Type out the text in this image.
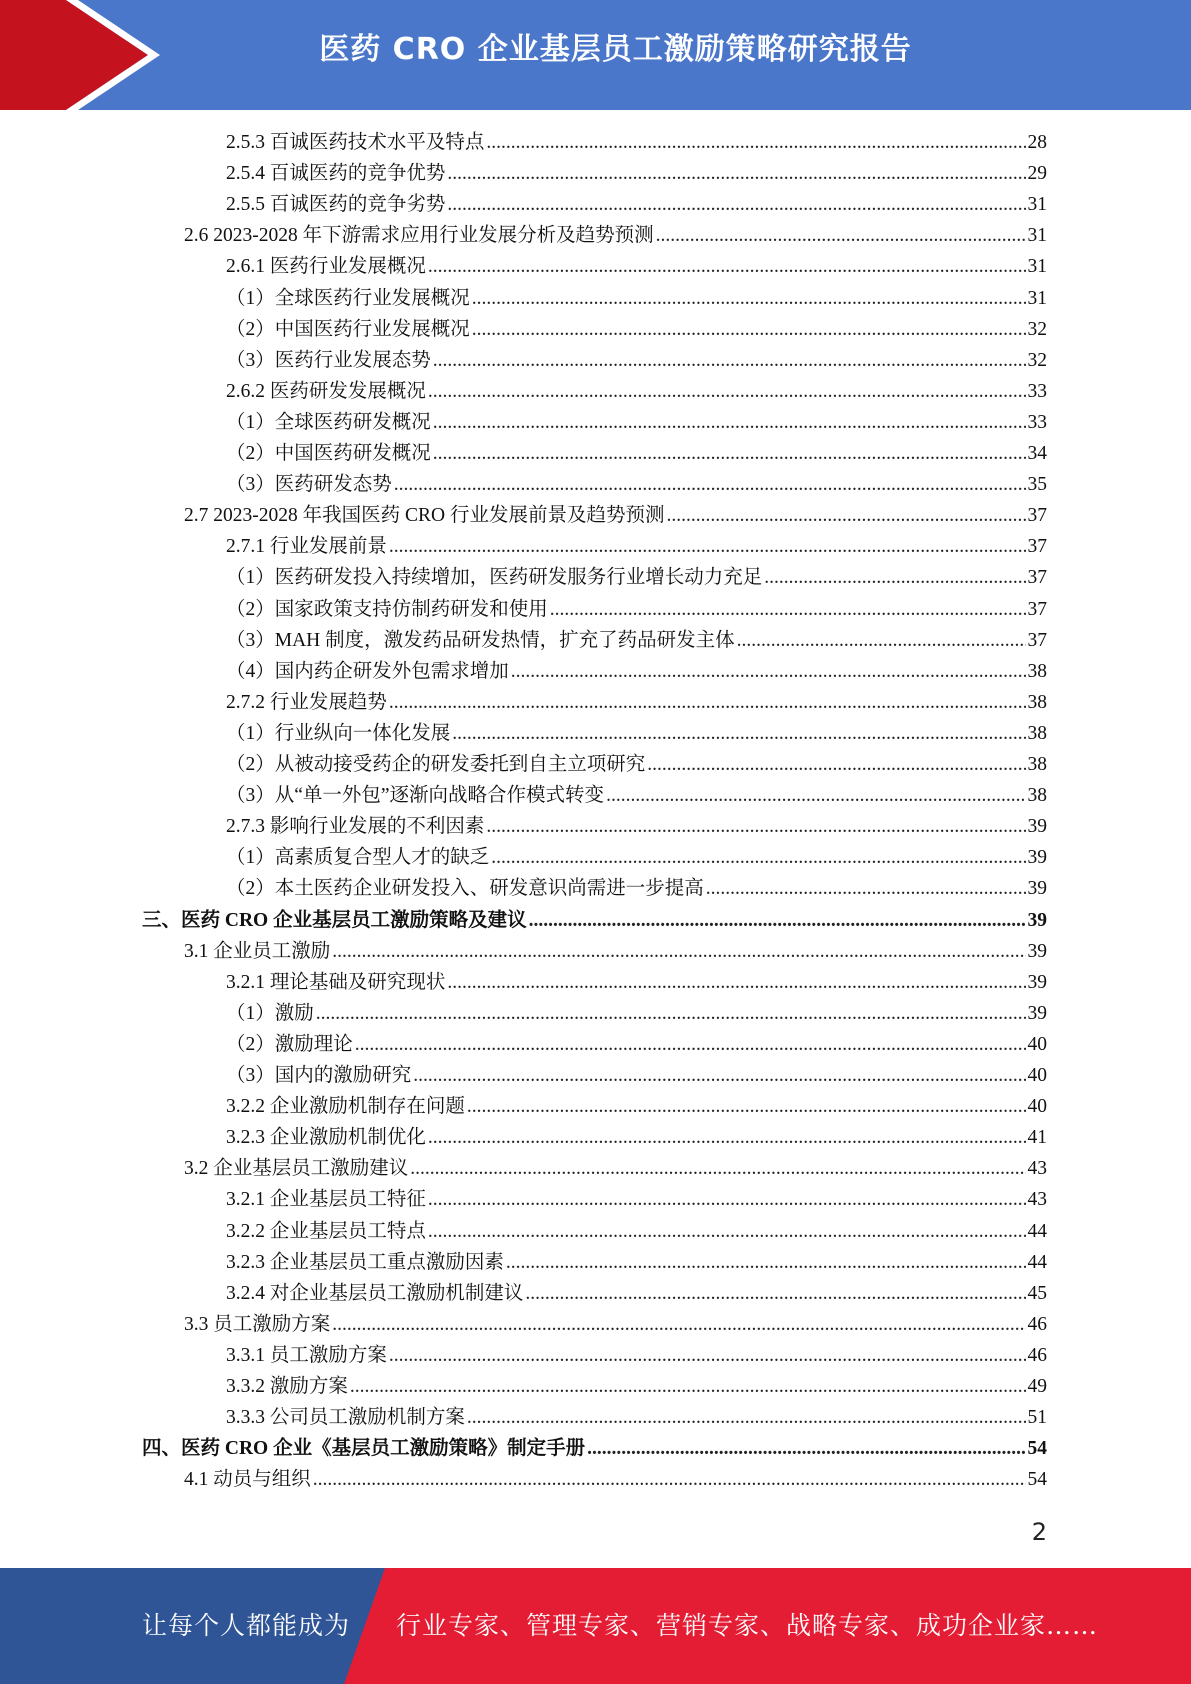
医药 CRO 企业基层员工激励策略研究报告
2.5.3 百诚医药技术水平及特点 .....	28
2.5.4 百诚医药的竞争优势 .....	29
2.5.5 百诚医药的竞争劣势 .....	31
2.6 2023-2028 年下游需求应用行业发展分析及趋势预测 .....	31
2.6.1 医药行业发展概况 .....	31
（1）全球医药行业发展概况 .....	31
（2）中国医药行业发展概况 .....	32
（3）医药行业发展态势 .....	32
2.6.2 医药研发发展概况 .....	33
（1）全球医药研发概况 .....	33
（2）中国医药研发概况 .....	34
（3）医药研发态势 .....	35
2.7 2023-2028 年我国医药 CRO 行业发展前景及趋势预测 .....	37
2.7.1 行业发展前景 .....	37
（1）医药研发投入持续增加，医药研发服务行业增长动力充足 .....	37
（2）国家政策支持仿制药研发和使用 .....	37
（3）MAH 制度，激发药品研发热情，扩充了药品研发主体 .....	37
（4）国内药企研发外包需求增加 .....	38
2.7.2 行业发展趋势 .....	38
（1）行业纵向一体化发展 .....	38
（2）从被动接受药企的研发委托到自主立项研究 .....	38
（3）从“单一外包”逐渐向战略合作模式转变 .....	38
2.7.3 影响行业发展的不利因素 .....	39
（1）高素质复合型人才的缺乏 .....	39
（2）本土医药企业研发投入、研发意识尚需进一步提高 .....	39
三、医药 CRO 企业基层员工激励策略及建议 .....	39
3.1 企业员工激励 .....	39
3.2.1 理论基础及研究现状 .....	39
（1）激励 .....	39
（2）激励理论 .....	40
（3）国内的激励研究 .....	40
3.2.2 企业激励机制存在问题 .....	40
3.2.3 企业激励机制优化 .....	41
3.2 企业基层员工激励建议 .....	43
3.2.1 企业基层员工特征 .....	43
3.2.2 企业基层员工特点 .....	44
3.2.3 企业基层员工重点激励因素 .....	44
3.2.4 对企业基层员工激励机制建议 .....	45
3.3 员工激励方案 .....	46
3.3.1 员工激励方案 .....	46
3.3.2 激励方案 .....	49
3.3.3 公司员工激励机制方案 .....	51
四、医药 CRO 企业《基层员工激励策略》制定手册 .....	54
4.1 动员与组织 .....	54
2
让每个人都能成为 行业专家、管理专家、营销专家、战略专家、成功企业家……
